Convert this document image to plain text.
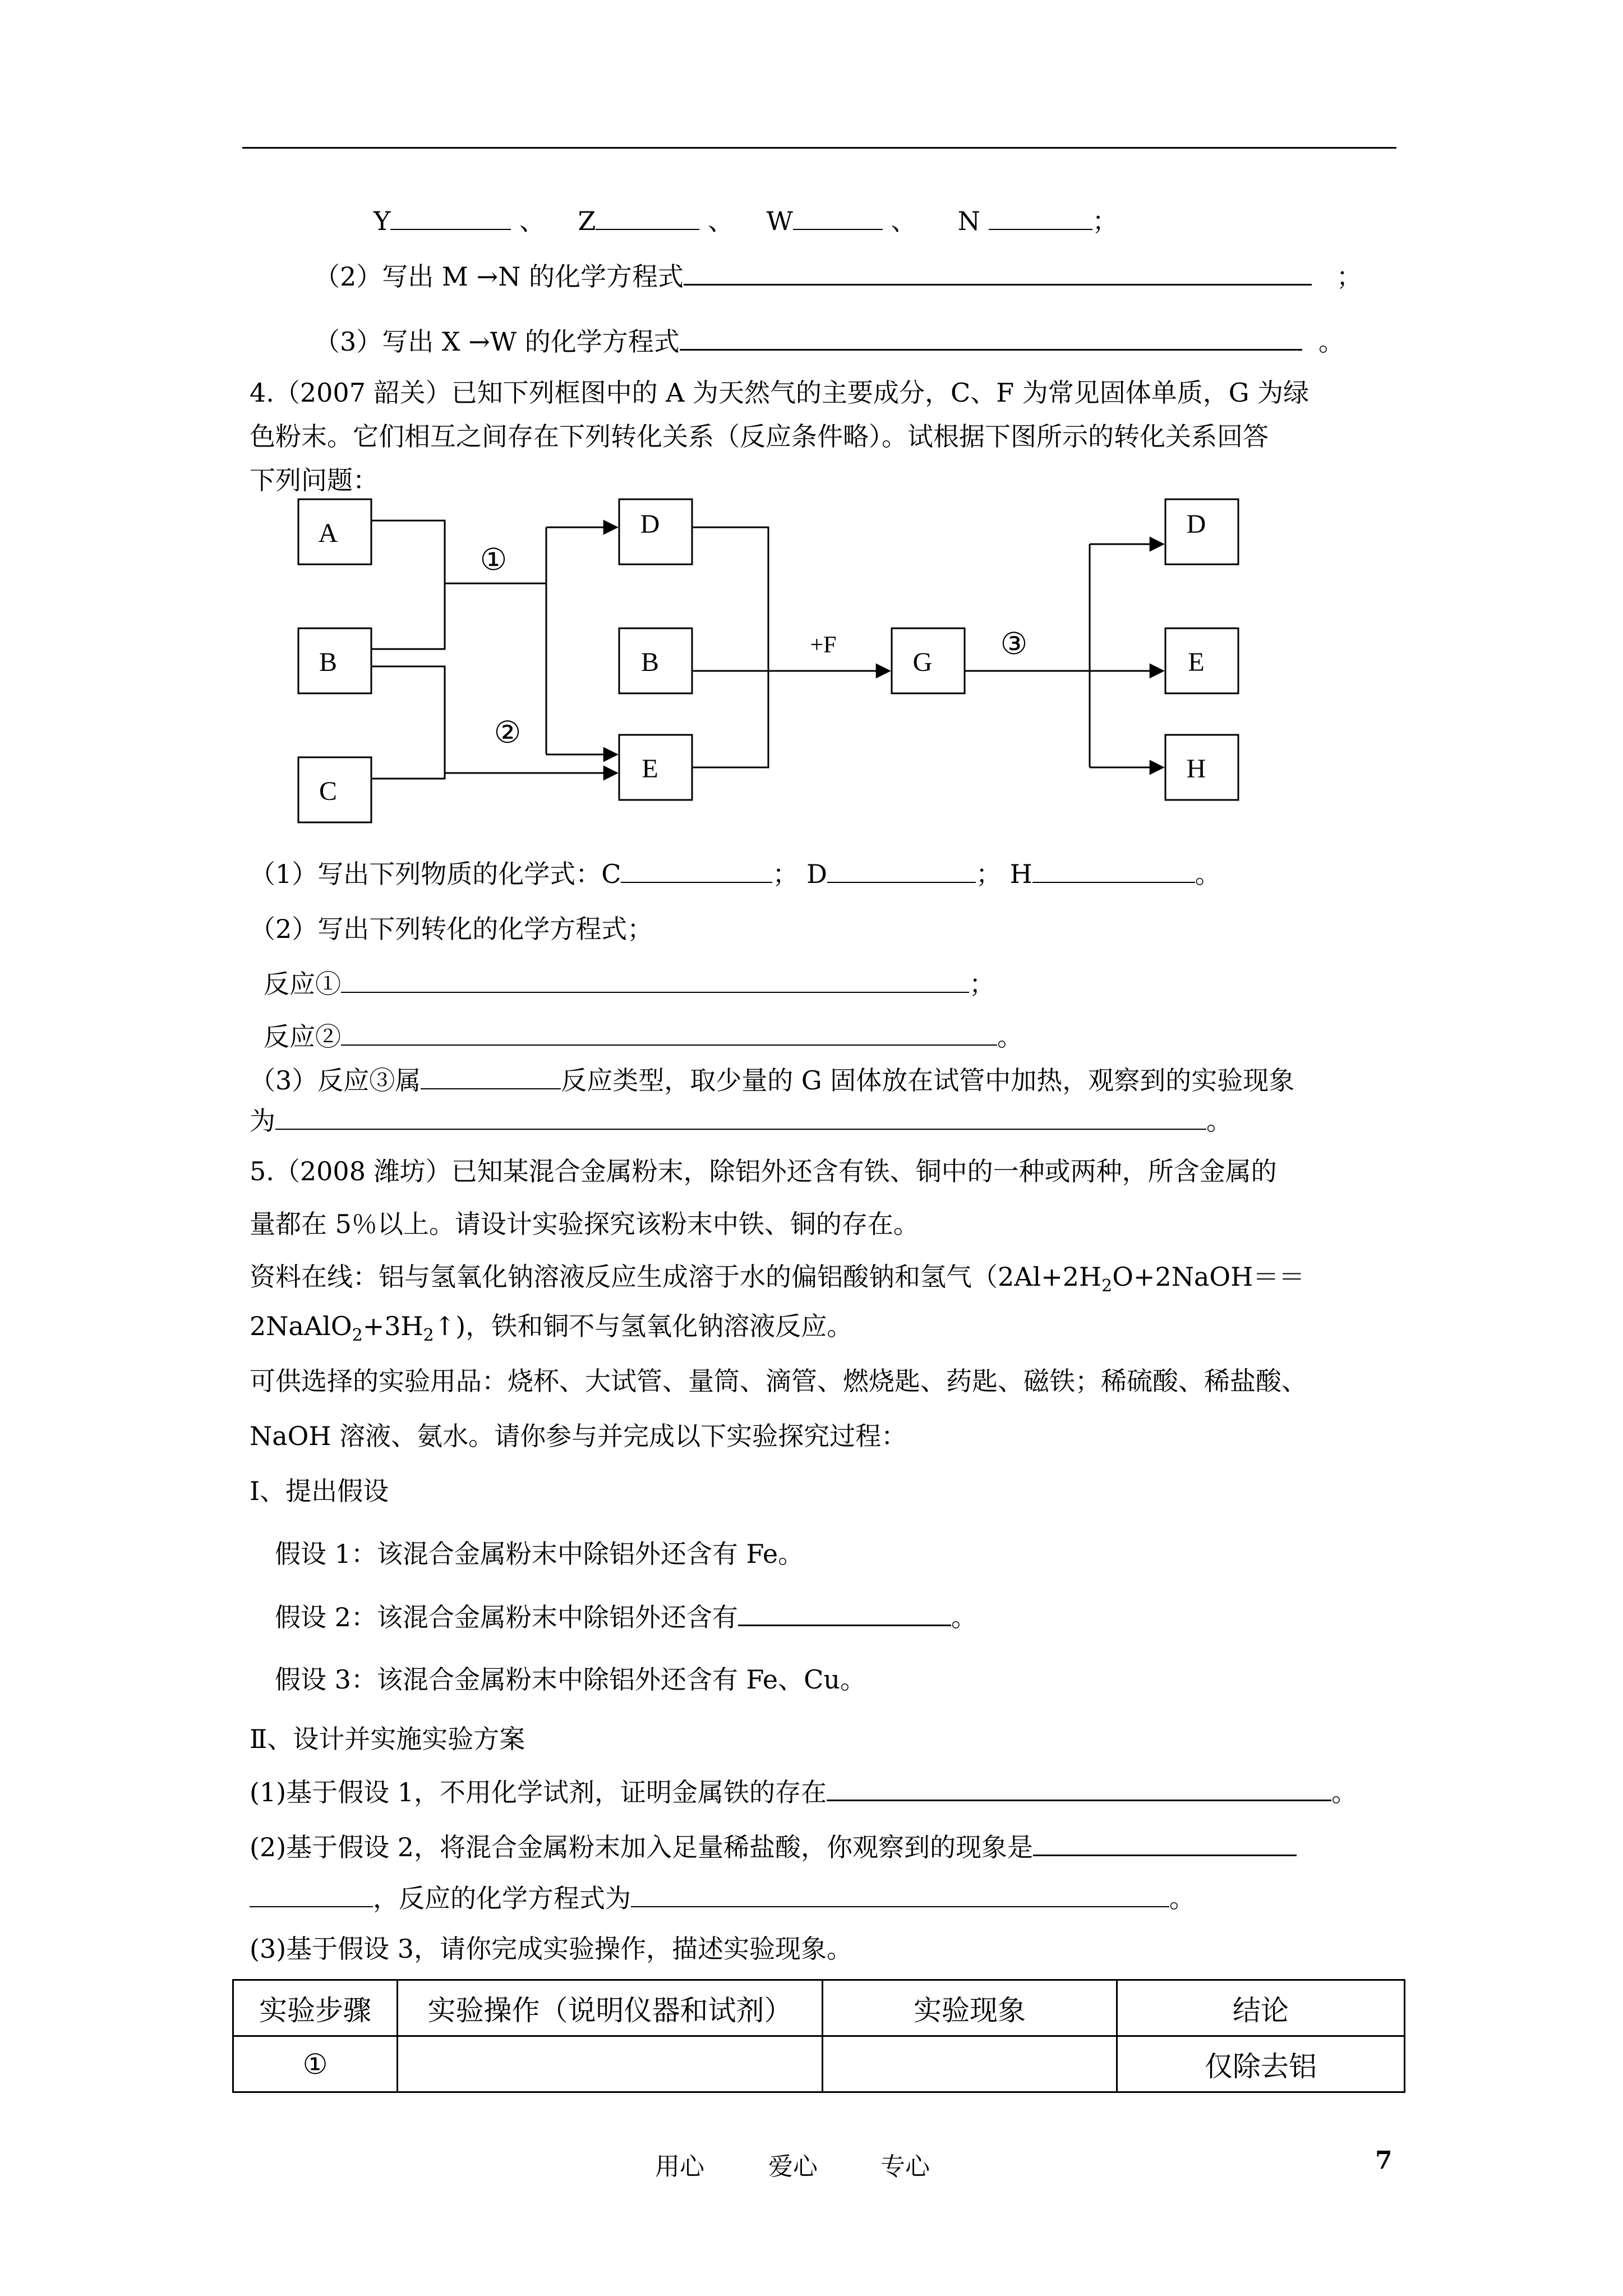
Y	、 Z	、 W	、 N	；
（2）写出 M →N 的化学方程式	；
（3）写出 X →W 的化学方程式	。
4.（2007 韶关）已知下列框图中的 A 为天然气的主要成分，C、F 为常见固体单质，G 为绿
色粉末。它们相互之间存在下列转化关系（反应条件略）。试根据下图所示的转化关系回答
下列问题：
A
B
C
D
B
E
G
D
E
H
①
②
+F	③
（1）写出下列物质的化学式：C	； D	； H	。
（2）写出下列转化的化学方程式；
反应①	；
反应②	。
（3）反应③属	反应类型，取少量的 G 固体放在试管中加热，观察到的实验现象
为	。
5.（2008 潍坊）已知某混合金属粉末，除铝外还含有铁、铜中的一种或两种，所含金属的
量都在 5％以上。请设计实验探究该粉末中铁、铜的存在。
资料在线：铝与氢氧化钠溶液反应生成溶于水的偏铝酸钠和氢气（$2Al+2H_2O+2NaOH==$
$2NaAlO_2+3H_2↑$)，铁和铜不与氢氧化钠溶液反应。
可供选择的实验用品：烧杯、大试管、量筒、滴管、燃烧匙、药匙、磁铁；稀硫酸、稀盐酸、
NaOH 溶液、氨水。请你参与并完成以下实验探究过程：
Ⅰ、提出假设
假设 1：该混合金属粉末中除铝外还含有 Fe。
假设 2：该混合金属粉末中除铝外还含有	。
假设 3：该混合金属粉末中除铝外还含有 Fe、Cu。
Ⅱ、设计并实施实验方案
(1)基于假设 1，不用化学试剂，证明金属铁的存在	。
(2)基于假设 2，将混合金属粉末加入足量稀盐酸，你观察到的现象是
，反应的化学方程式为	。
(3)基于假设 3，请你完成实验操作，描述实验现象。
实验步骤	实验操作（说明仪器和试剂）	实验现象	结论
①			仅除去铝
用心	爱心	专心	7
